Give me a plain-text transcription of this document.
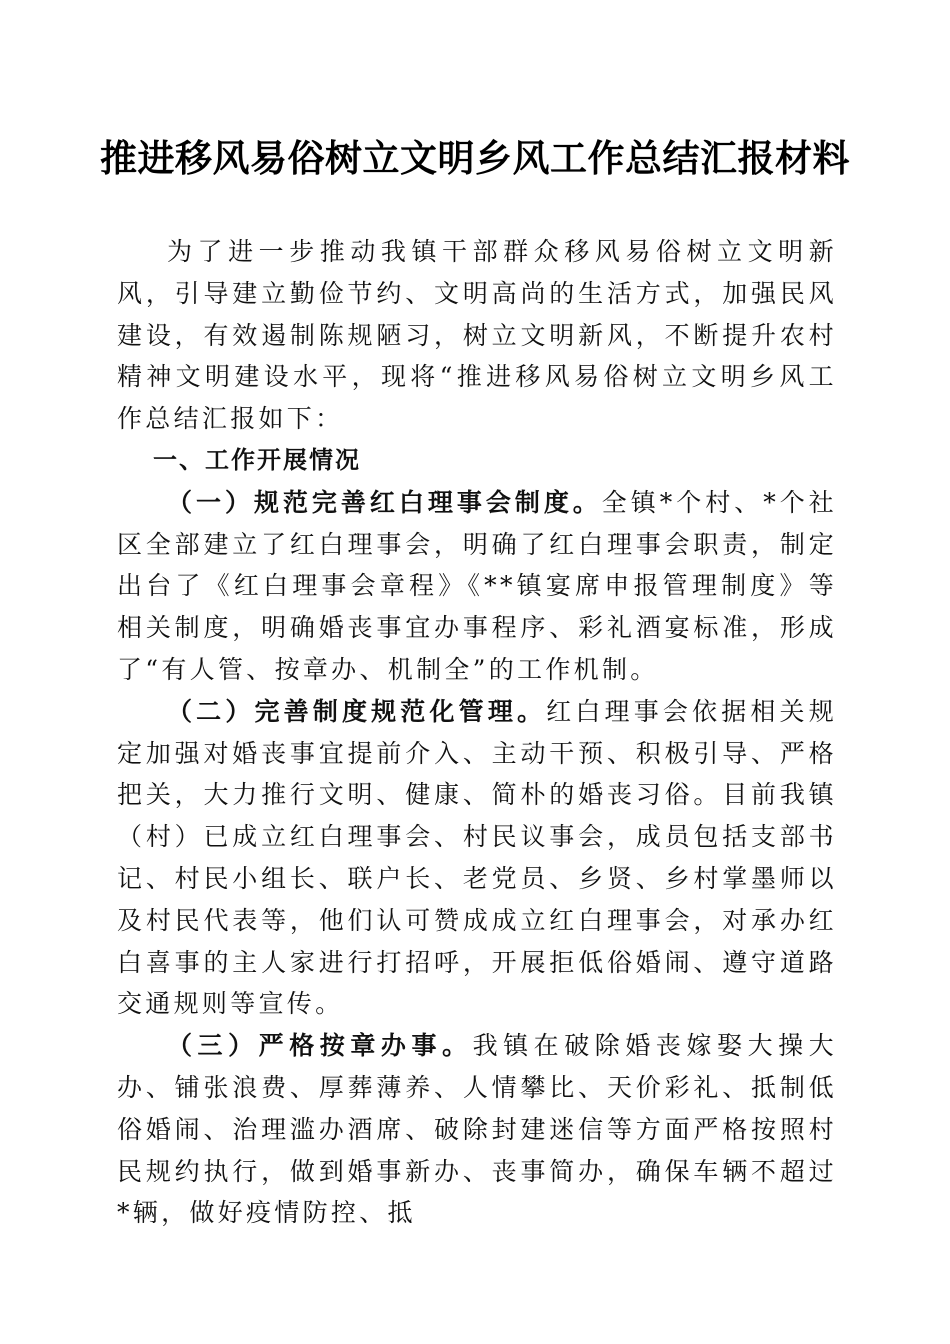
推进移风易俗树立文明乡风工作总结汇报材料

为了进一步推动我镇干部群众移风易俗树立文明新风，引导建立勤俭节约、文明高尚的生活方式，加强民风建设，有效遏制陈规陋习，树立文明新风，不断提升农村精神文明建设水平，现将“推进移风易俗树立文明乡风工作总结汇报如下：

一、工作开展情况

（一）规范完善红白理事会制度。全镇*个村、*个社区全部建立了红白理事会，明确了红白理事会职责，制定出台了《红白理事会章程》《**镇宴席申报管理制度》等相关制度，明确婚丧事宜办事程序、彩礼酒宴标准，形成了“有人管、按章办、机制全”的工作机制。

（二）完善制度规范化管理。红白理事会依据相关规定加强对婚丧事宜提前介入、主动干预、积极引导、严格把关，大力推行文明、健康、简朴的婚丧习俗。目前我镇（村）已成立红白理事会、村民议事会，成员包括支部书记、村民小组长、联户长、老党员、乡贤、乡村掌墨师以及村民代表等，他们认可赞成成立红白理事会，对承办红白喜事的主人家进行打招呼，开展拒低俗婚闹、遵守道路交通规则等宣传。

（三）严格按章办事。我镇在破除婚丧嫁娶大操大办、铺张浪费、厚葬薄养、人情攀比、天价彩礼、抵制低俗婚闹、治理滥办酒席、破除封建迷信等方面严格按照村民规约执行，做到婚事新办、丧事简办，确保车辆不超过*辆，做好疫情防控、抵
